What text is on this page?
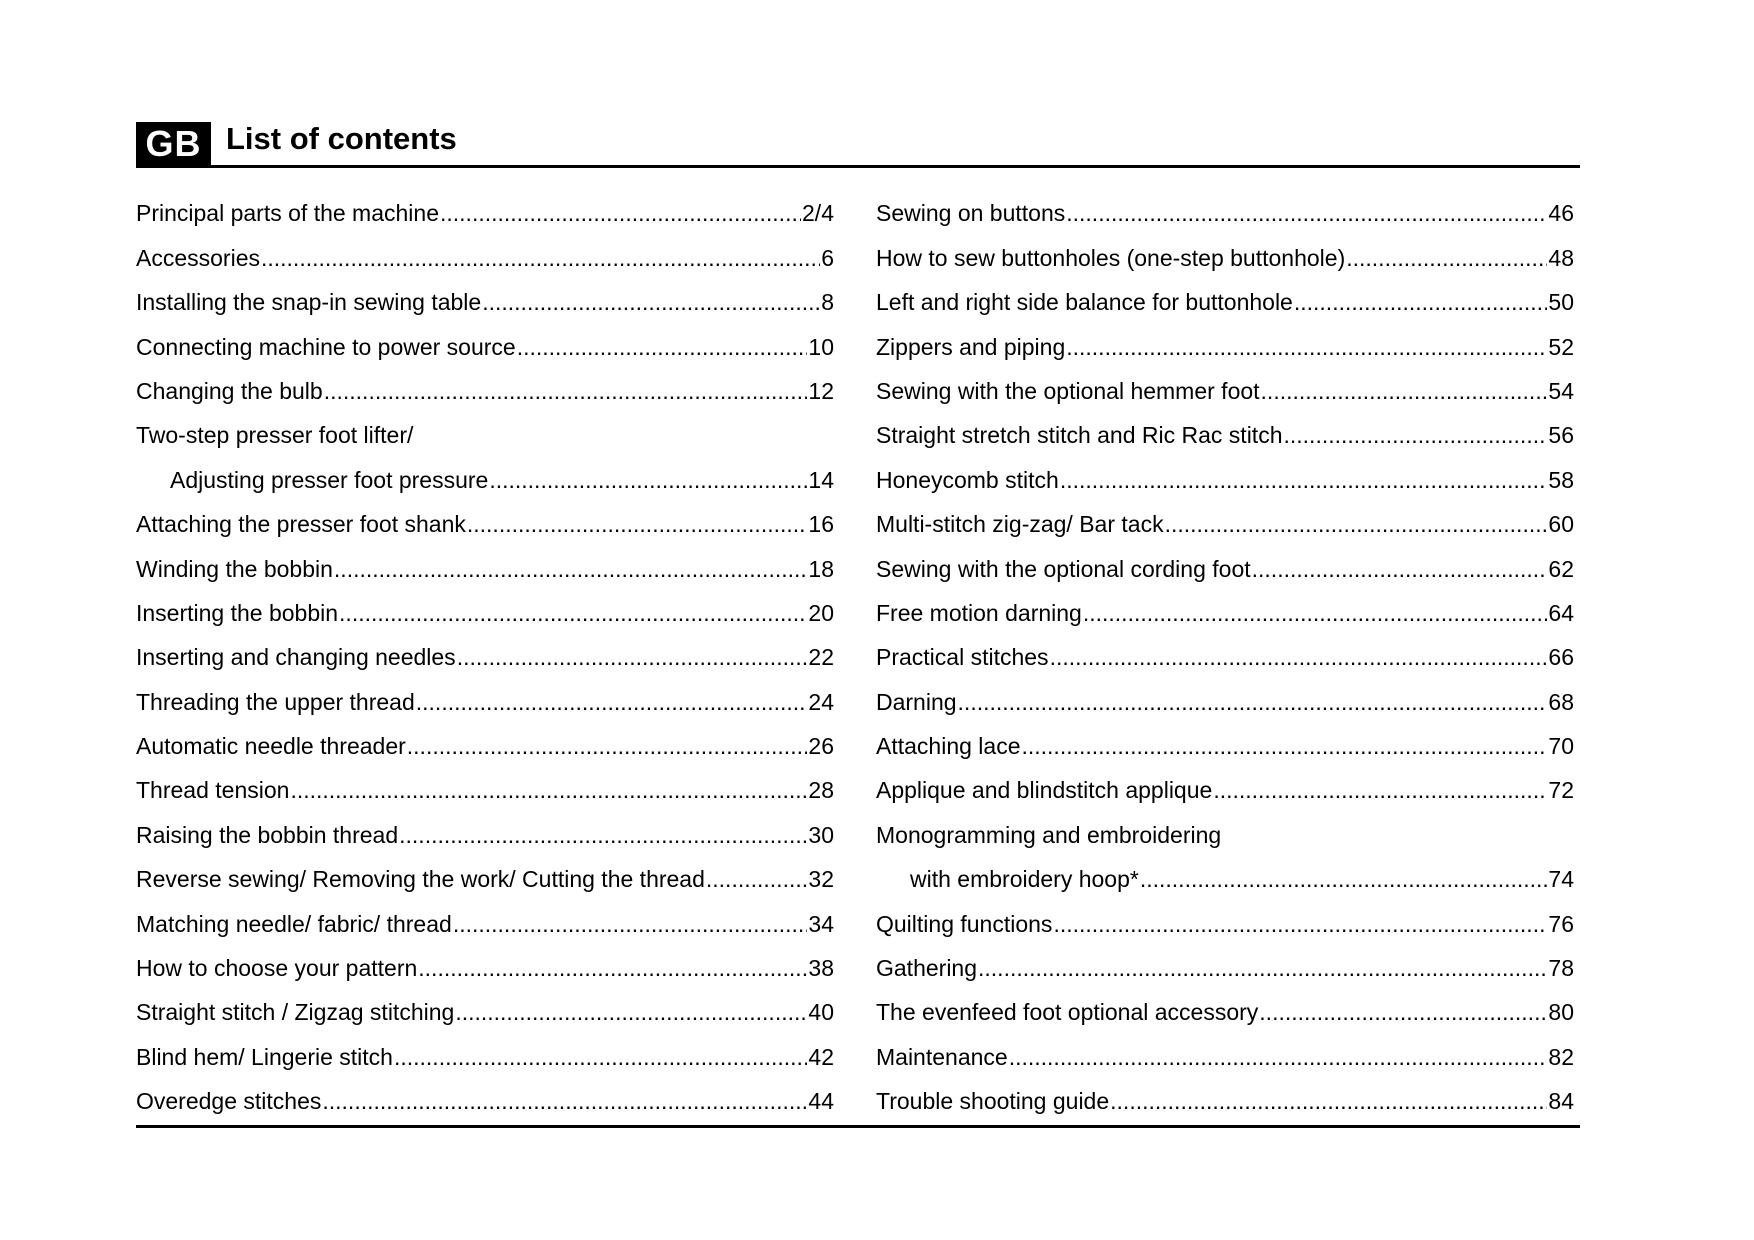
GB List of contents
Principal parts of the machine .....	2/4
Accessories .....	6
Installing the snap-in sewing table .....	8
Connecting machine to power source .....	10
Changing the bulb .....	12
Two-step presser foot lifter/
Adjusting presser foot pressure .....	14
Attaching the presser foot shank .....	16
Winding the bobbin .....	18
Inserting the bobbin .....	20
Inserting and changing needles .....	22
Threading the upper thread .....	24
Automatic needle threader .....	26
Thread tension .....	28
Raising the bobbin thread .....	30
Reverse sewing/ Removing the work/ Cutting the thread .....	32
Matching needle/ fabric/ thread .....	34
How to choose your pattern .....	38
Straight stitch / Zigzag stitching .....	40
Blind hem/ Lingerie stitch .....	42
Overedge stitches .....	44
Sewing on buttons .....	46
How to sew buttonholes (one-step buttonhole) .....	48
Left and right side balance for buttonhole .....	50
Zippers and piping .....	52
Sewing with the optional hemmer foot .....	54
Straight stretch stitch and Ric Rac stitch .....	56
Honeycomb stitch .....	58
Multi-stitch zig-zag/ Bar tack .....	60
Sewing with the optional cording foot .....	62
Free motion darning .....	64
Practical stitches .....	66
Darning .....	68
Attaching lace .....	70
Applique and blindstitch applique .....	72
Monogramming and embroidering
with embroidery hoop* .....	74
Quilting functions .....	76
Gathering .....	78
The evenfeed foot optional accessory .....	80
Maintenance .....	82
Trouble shooting guide .....	84
